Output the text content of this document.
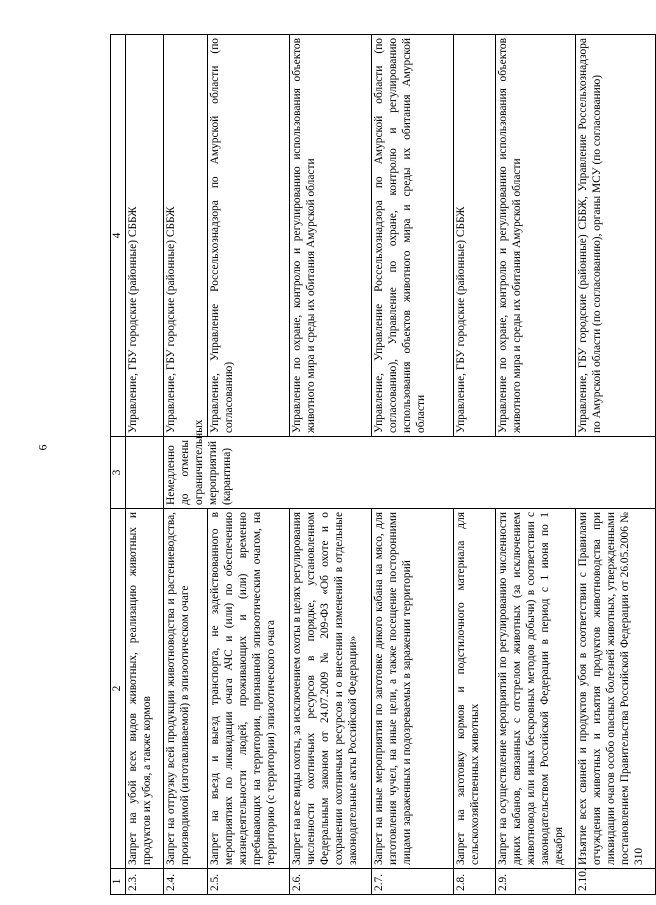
6
1	2	3	4
2.3.	Запрет на убой всех видов животных, реализацию животных и продуктов их убоя, а также кормов		Управление, ГБУ городские (районные) СББЖ
2.4.	Запрет на отгрузку всей продукции животноводства и растениеводства, производимой (изготавливаемой) в эпизоотическом очаге	Немедленно до отмены ограничительных мероприятий (карантина)	Управление, ГБУ городские (районные) СББЖ
2.5.	Запрет на въезд и выезд транспорта, не задействованного в мероприятиях по ликвидации очага АЧС и (или) по обеспечению жизнедеятельности людей, проживающих и (или) временно пребывающих на территории, признанной эпизоотическим очагом, на территорию (с территории) эпизоотического очага		Управление, Управление Россельхознадзора по Амурской области (по согласованию)
2.6.	Запрет на все виды охоты, за исключением охоты в целях регулирования численности охотничьих ресурсов в порядке, установленном Федеральным законом от 24.07.2009 № 209-ФЗ «Об охоте и о сохранении охотничьих ресурсов и о внесении изменений в отдельные законодательные акты Российской Федерации»		Управление по охране, контролю и регулированию использования объектов животного мира и среды их обитания Амурской области
2.7.	Запрет на иные мероприятия по заготовке дикого кабана на мясо, для изготовления чучел, на иные цели, а также посещение посторонними лицами зараженных и подозреваемых в заражении территорий		Управление, Управление Россельхознадзора по Амурской области (по согласованию), Управление по охране, контролю и регулированию использования объектов животного мира и среды их обитания Амурской области
2.8.	Запрет на заготовку кормов и подстилочного материала для сельскохозяйственных животных		Управление, ГБУ городские (районные) СББЖ
2.9.	Запрет на осуществление мероприятий по регулированию численности диких кабанов, связанных с отстрелом животных (за исключением животновода или иных бескровных методов добычи) в соответствии с законодательством Российской Федерации в период с 1 июня по 1 декабря		Управление по охране, контролю и регулированию использования объектов животного мира и среды их обитания Амурской области
2.10.	Изъятие всех свиней и продуктов убоя в соответствии с Правилами отчуждения животных и изъятия продуктов животноводства при ликвидации очагов особо опасных болезней животных, утвержденными постановлением Правительства Российской Федерации от 26.05.2006 № 310		Управление, ГБУ городские (районные) СББЖ, Управление Россельхознадзора по Амурской области (по согласованию), органы МСУ (по согласованию)
